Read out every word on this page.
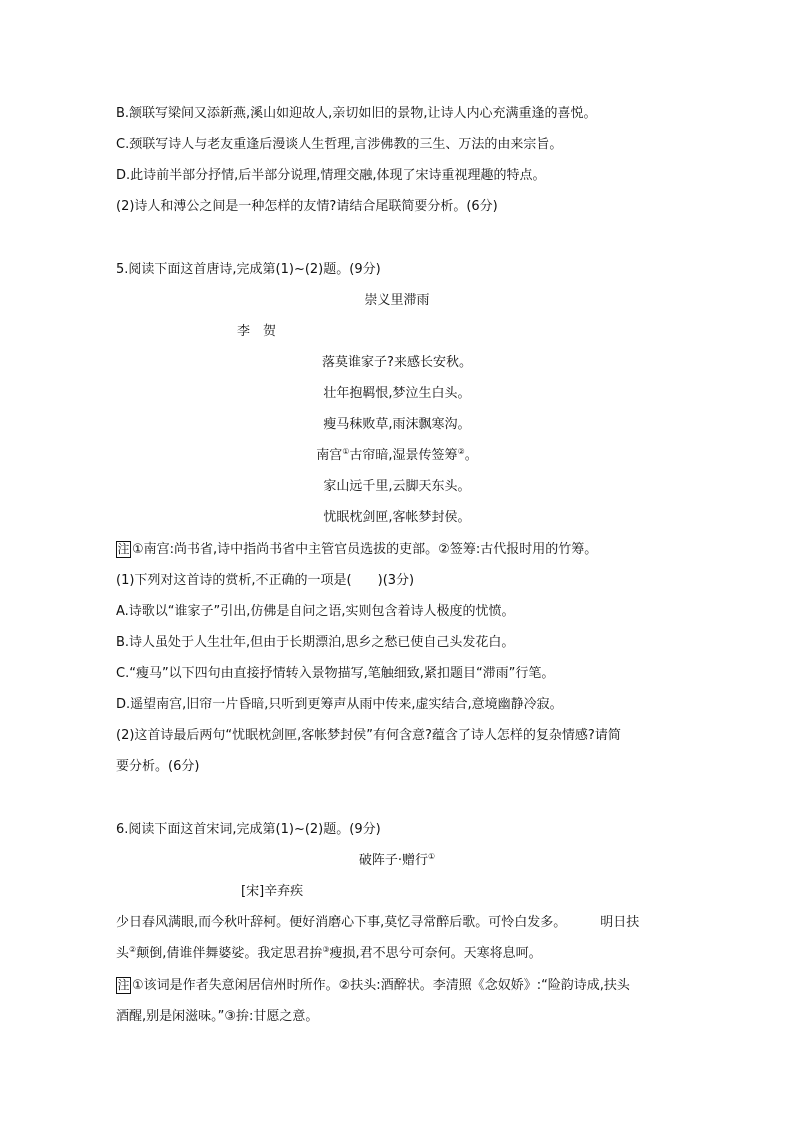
B.颔联写梁间又添新燕,溪山如迎故人,亲切如旧的景物,让诗人内心充满重逢的喜悦。
C.颈联写诗人与老友重逢后漫谈人生哲理,言涉佛教的三生、万法的由来宗旨。
D.此诗前半部分抒情,后半部分说理,情理交融,体现了宋诗重视理趣的特点。
(2)诗人和溥公之间是一种怎样的友情?请结合尾联简要分析。(6分)
5.阅读下面这首唐诗,完成第(1)~(2)题。(9分)
崇义里滞雨
李　贺
落莫谁家子?来感长安秋。
壮年抱羁恨,梦泣生白头。
瘦马秣败草,雨沫飘寒沟。
南宫①古帘暗,湿景传签筹②。
家山远千里,云脚天东头。
忧眠枕剑匣,客帐梦封侯。
注 ①南宫:尚书省,诗中指尚书省中主管官员选拔的吏部。②签筹:古代报时用的竹筹。
(1)下列对这首诗的赏析,不正确的一项是(　　)(3分)
A.诗歌以“谁家子”引出,仿佛是自问之语,实则包含着诗人极度的忧愤。
B.诗人虽处于人生壮年,但由于长期漂泊,思乡之愁已使自己头发花白。
C.“瘦马”以下四句由直接抒情转入景物描写,笔触细致,紧扣题目“滞雨”行笔。
D.遥望南宫,旧帘一片昏暗,只听到更筹声从雨中传来,虚实结合,意境幽静冷寂。
(2)这首诗最后两句“忧眠枕剑匣,客帐梦封侯”有何含意?蕴含了诗人怎样的复杂情感?请简
要分析。(6分)
6.阅读下面这首宋词,完成第(1)~(2)题。(9分)
破阵子·赠行①
[宋]辛弃疾
少日春风满眼,而今秋叶辞柯。便好消磨心下事,莫忆寻常醉后歌。可怜白发多。	明日扶
头②颠倒,倩谁伴舞婆娑。我定思君拚③瘦损,君不思兮可奈何。天寒将息呵。
注 ①该词是作者失意闲居信州时所作。②扶头:酒醉状。李清照《念奴娇》:“险韵诗成,扶头
酒醒,别是闲滋味。”③拚:甘愿之意。
